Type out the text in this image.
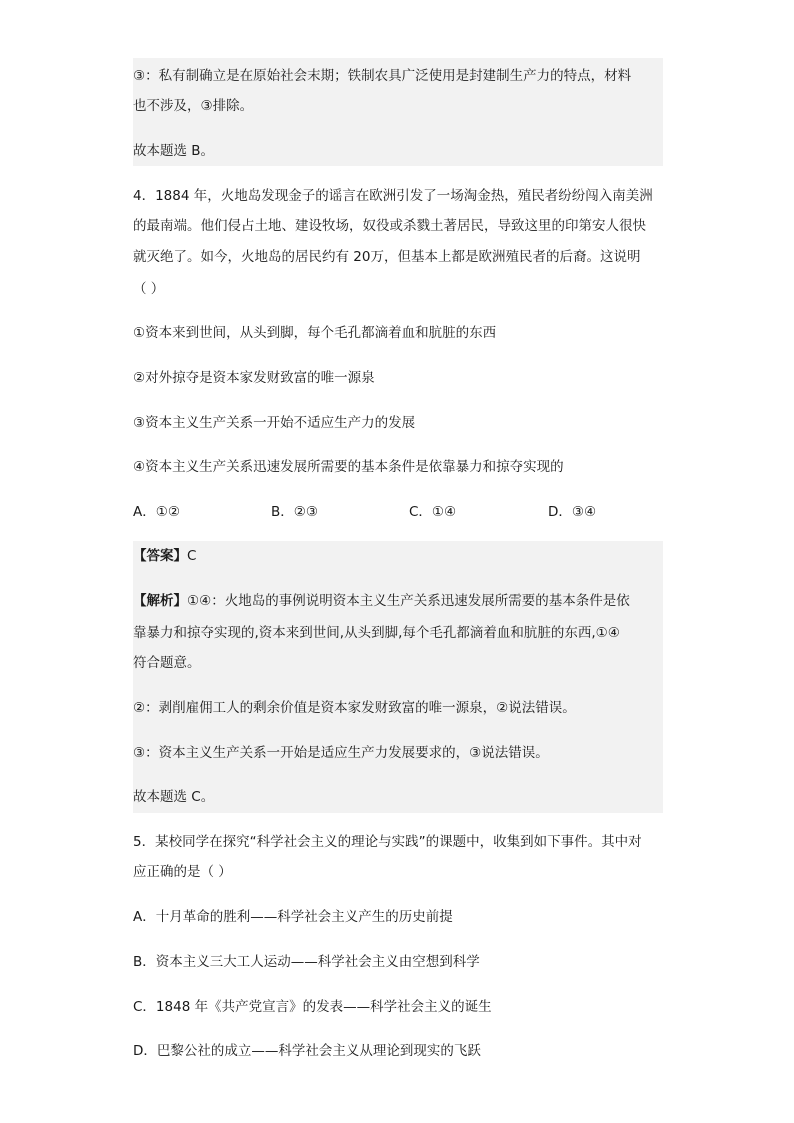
③：私有制确立是在原始社会末期；铁制农具广泛使用是封建制生产力的特点，材料
也不涉及，③排除。
故本题选 B。
4．1884 年，火地岛发现金子的谣言在欧洲引发了一场淘金热，殖民者纷纷闯入南美洲
的最南端。他们侵占土地、建设牧场，奴役或杀戮土著居民，导致这里的印第安人很快
就灭绝了。如今，火地岛的居民约有 20万，但基本上都是欧洲殖民者的后裔。这说明
（ ）
①资本来到世间，从头到脚，每个毛孔都滴着血和肮脏的东西
②对外掠夺是资本家发财致富的唯一源泉
③资本主义生产关系一开始不适应生产力的发展
④资本主义生产关系迅速发展所需要的基本条件是依靠暴力和掠夺实现的
A．①②	B．②③	C．①④	D．③④
【答案】C
【解析】①④：火地岛的事例说明资本主义生产关系迅速发展所需要的基本条件是依
靠暴力和掠夺实现的,资本来到世间,从头到脚,每个毛孔都滴着血和肮脏的东西,①④
符合题意。
②：剥削雇佣工人的剩余价值是资本家发财致富的唯一源泉，②说法错误。
③：资本主义生产关系一开始是适应生产力发展要求的，③说法错误。
故本题选 C。
5．某校同学在探究“科学社会主义的理论与实践”的课题中，收集到如下事件。其中对
应正确的是（ ）
A．十月革命的胜利——科学社会主义产生的历史前提
B．资本主义三大工人运动——科学社会主义由空想到科学
C．1848 年《共产党宣言》的发表——科学社会主义的诞生
D．巴黎公社的成立——科学社会主义从理论到现实的飞跃
